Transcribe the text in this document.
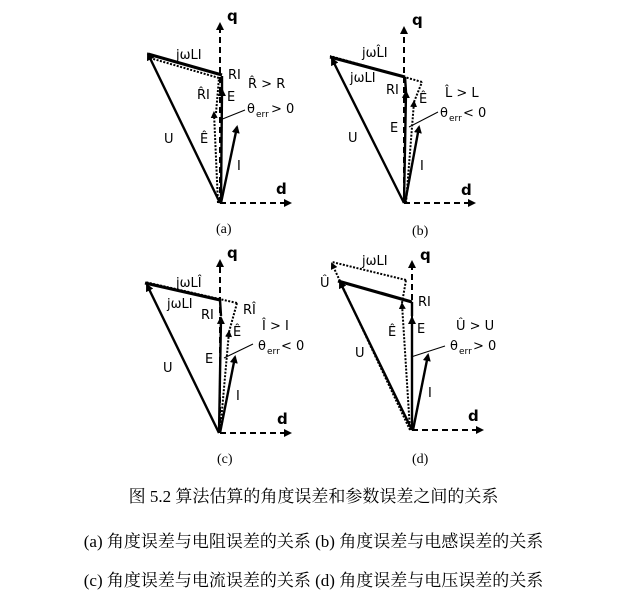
q
d
U
jωLI
RI
R̂I E
Ê
I
R̂ > R
θ err > 0
(a)
q
d
U
jωLI
jωL̂I
RI
E
Ê
I
L̂ > L
θ err < 0
(b)
q
d
U
jωLI
jωLÎ
RI RÎ
E
Ê
I
Î > I
θ err < 0
(c)
q
d
U
Û
jωLI
RI
E
Ê
I
Û > U
θ err > 0
(d)
图 5.2 算法估算的角度误差和参数误差之间的关系
(a) 角度误差与电阻误差的关系 (b) 角度误差与电感误差的关系
(c) 角度误差与电流误差的关系 (d) 角度误差与电压误差的关系
